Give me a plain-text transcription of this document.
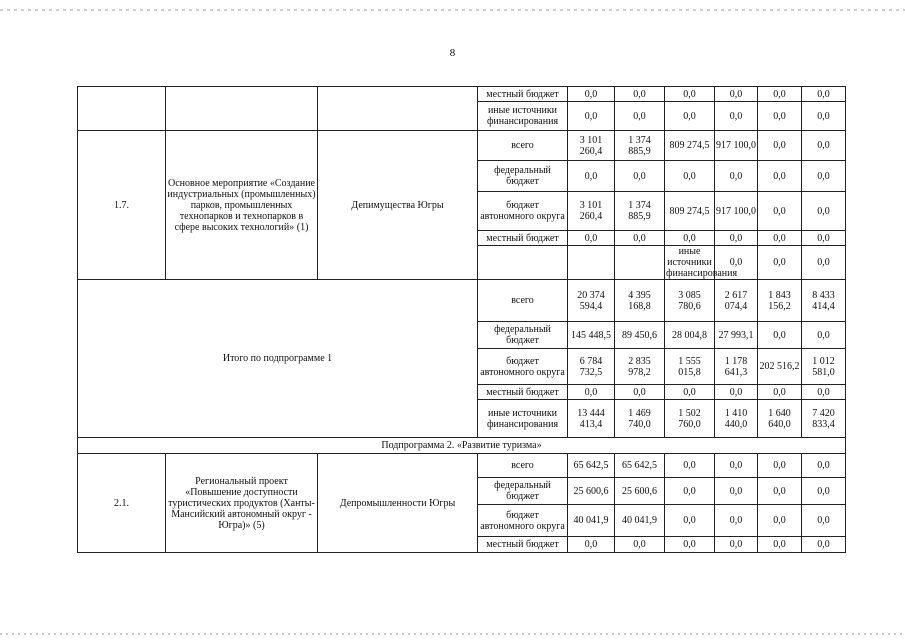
8
			местный бюджет	0,0	0,0	0,0	0,0	0,0	0,0	
			иные источники финансирования	0,0	0,0	0,0	0,0	0,0	0,0	
1.7.	Основное мероприятие «Создание индустриальных (промышленных) парков, промышленных технопарков и технопарков в сфере высоких технологий» (1)	Депимущества Югры	всего	3 101 260,4	1 374 885,9	809 274,5	917 100,0	0,0	0,0	
			федеральный бюджет	0,0	0,0	0,0	0,0	0,0	0,0	
			бюджет автономного округа	3 101 260,4	1 374 885,9	809 274,5	917 100,0	0,0	0,0	
			местный бюджет	0,0	0,0	0,0	0,0	0,0	0,0	
						иные источники финансирования	0,0	0,0	0,0			
Итого по подпрограмме 1			всего	20 374 594,4	4 395 168,8	3 085 780,6	2 617 074,4	1 843 156,2	8 433 414,4	
			федеральный бюджет	145 448,5	89 450,6	28 004,8	27 993,1	0,0	0,0	
			бюджет автономного округа	6 784 732,5	2 835 978,2	1 555 015,8	1 178 641,3	202 516,2	1 012 581,0	
			местный бюджет	0,0	0,0	0,0	0,0	0,0	0,0	
			иные источники финансирования	13 444 413,4	1 469 740,0	1 502 760,0	1 410 440,0	1 640 640,0	7 420 833,4	
Подпрограмма 2. «Развитие туризма»										
2.1.	Региональный проект «Повышение доступности туристических продуктов (Ханты-Мансийский автономный округ - Югра)» (5)	Депромышленности Югры	всего	65 642,5	65 642,5	0,0	0,0	0,0	0,0	
			федеральный бюджет	25 600,6	25 600,6	0,0	0,0	0,0	0,0	
			бюджет автономного округа	40 041,9	40 041,9	0,0	0,0	0,0	0,0	
			местный бюджет	0,0	0,0	0,0	0,0	0,0	0,0	
